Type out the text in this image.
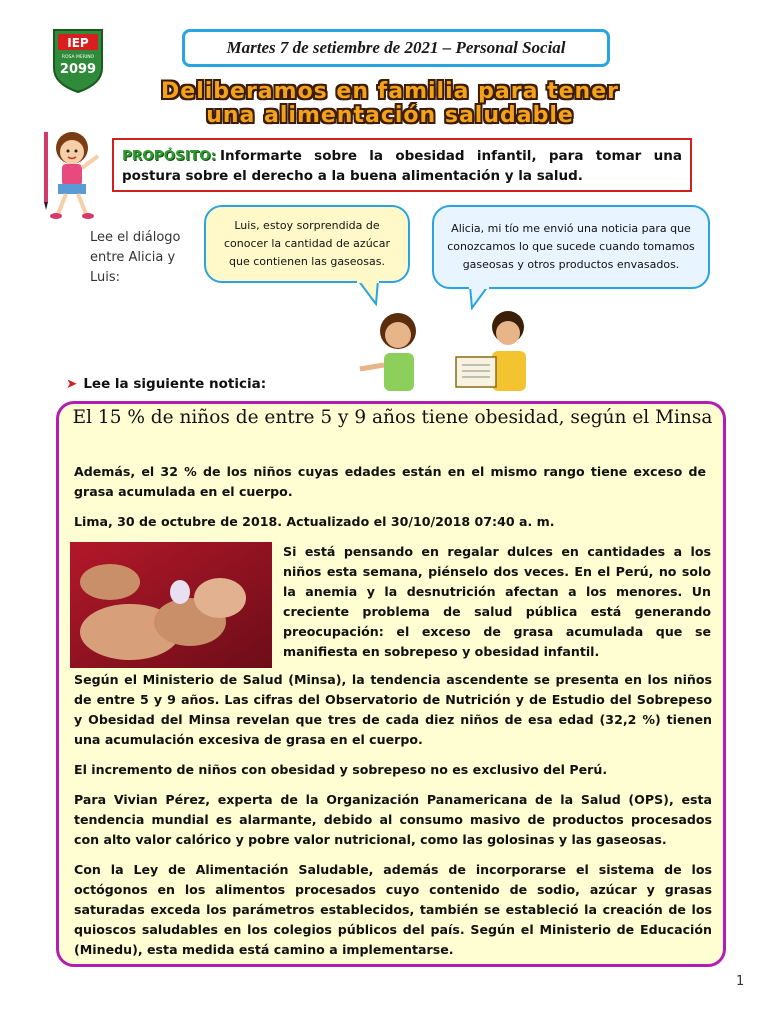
IEP
ROSA MERINO
2099
Martes 7 de setiembre de 2021 – Personal Social
Deliberamos en familia para tener
una alimentación saludable
PROPÓSITO: Informarte sobre la obesidad infantil, para tomar una postura sobre el derecho a la buena alimentación y la salud.
Lee el diálogo entre Alicia y Luis:
Luis, estoy sorprendida de conocer la cantidad de azúcar que contienen las gaseosas.
Alicia, mi tío me envió una noticia para que conozcamos lo que sucede cuando tomamos gaseosas y otros productos envasados.
➤ Lee la siguiente noticia:
El 15 % de niños de entre 5 y 9 años tiene obesidad, según el Minsa
Además, el 32 % de los niños cuyas edades están en el mismo rango tiene exceso de grasa acumulada en el cuerpo.
Lima, 30 de octubre de 2018. Actualizado el 30/10/2018 07:40 a. m.
Si está pensando en regalar dulces en cantidades a los niños esta semana, piénselo dos veces. En el Perú, no solo la anemia y la desnutrición afectan a los menores. Un creciente problema de salud pública está generando preocupación: el exceso de grasa acumulada que se manifiesta en sobrepeso y obesidad infantil.
Según el Ministerio de Salud (Minsa), la tendencia ascendente se presenta en los niños de entre 5 y 9 años. Las cifras del Observatorio de Nutrición y de Estudio del Sobrepeso y Obesidad del Minsa revelan que tres de cada diez niños de esa edad (32,2 %) tienen una acumulación excesiva de grasa en el cuerpo.
El incremento de niños con obesidad y sobrepeso no es exclusivo del Perú.
Para Vivian Pérez, experta de la Organización Panamericana de la Salud (OPS), esta tendencia mundial es alarmante, debido al consumo masivo de productos procesados con alto valor calórico y pobre valor nutricional, como las golosinas y las gaseosas.
Con la Ley de Alimentación Saludable, además de incorporarse el sistema de los octógonos en los alimentos procesados cuyo contenido de sodio, azúcar y grasas saturadas exceda los parámetros establecidos, también se estableció la creación de los quioscos saludables en los colegios públicos del país. Según el Ministerio de Educación (Minedu), esta medida está camino a implementarse.
1
